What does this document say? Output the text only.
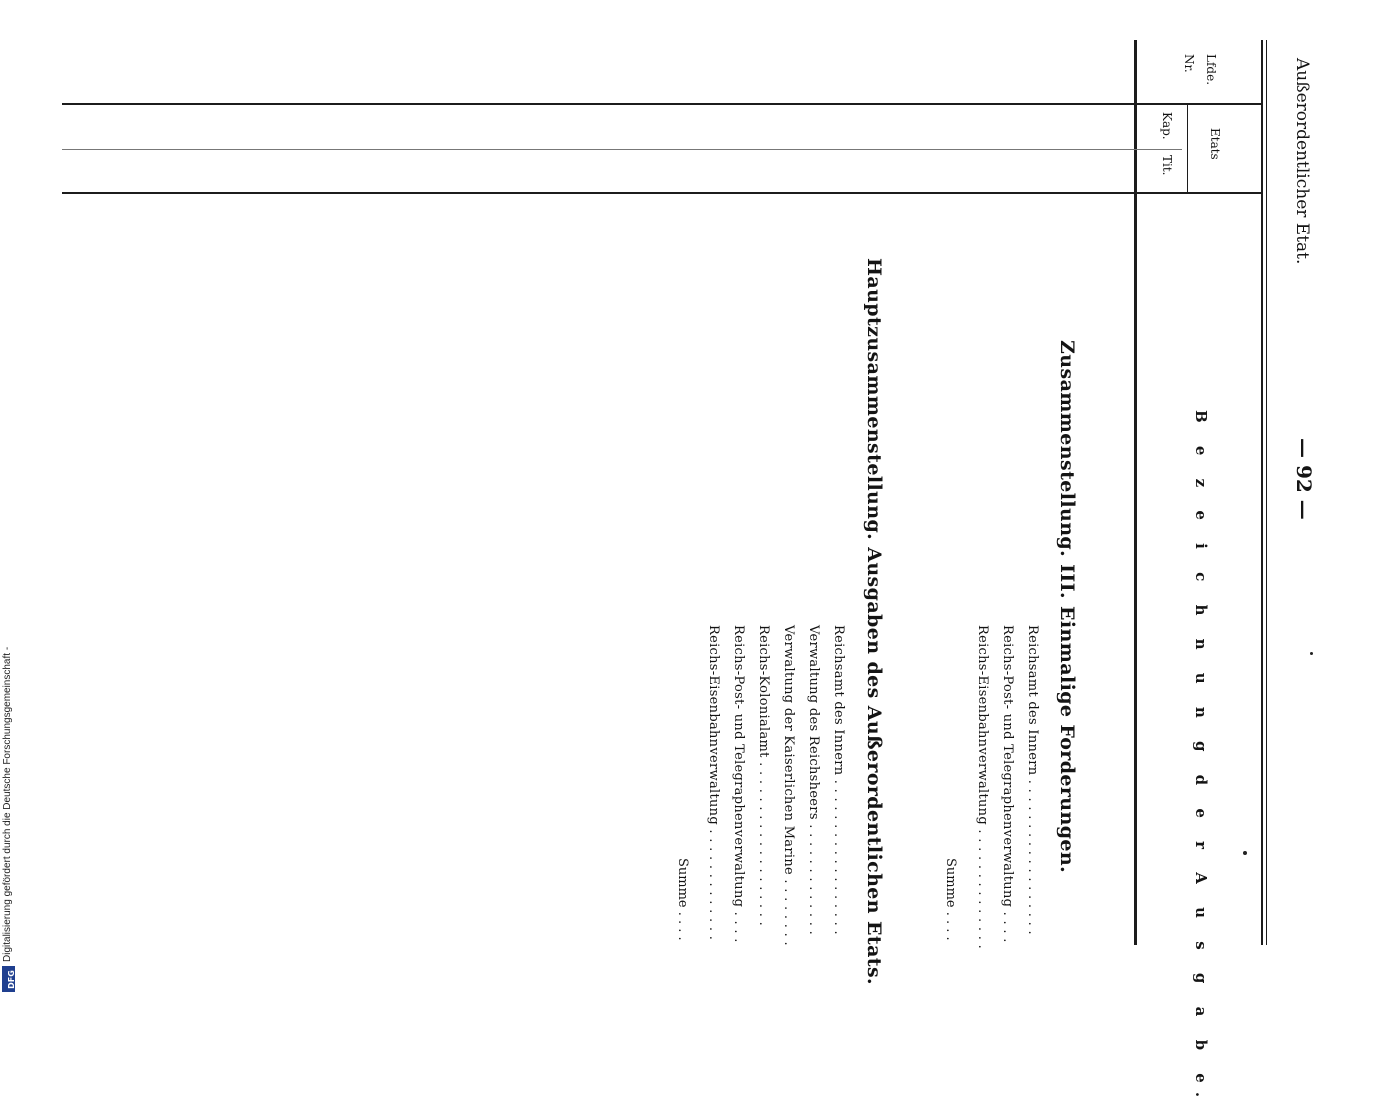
Außerordentlicher Etat.
— 92 —
Lfde. Nr.
Etats
Kap.
Tit.
B e z e i c h n u n g d e r A u s g a b e.
Zusammenstellung. III. Einmalige Forderungen.
Reichsamt des Innern . . . . . . . . . . . . . . . . . .
Reichs-Post- und Telegraphenverwaltung . . . .
Reichs-Eisenbahnverwaltung . . . . . . . . . . . . . .
Summe . . . .
Hauptzusammenstellung. Ausgaben des Außerordentlichen Etats.
Reichsamt des Innern . . . . . . . . . . . . . . . . . .
Verwaltung des Reichsheers . . . . . . . . . . . . .
Verwaltung der Kaiserlichen Marine . . . . . . . .
Reichs-Kolonialamt . . . . . . . . . . . . . . . . . . .
Reichs-Post- und Telegraphenverwaltung . . . .
Reichs-Eisenbahnverwaltung . . . . . . . . . . . . .
Summe . . . .
Digitalisierung gefördert durch die Deutsche Forschungsgemeinschaft -
DFG
